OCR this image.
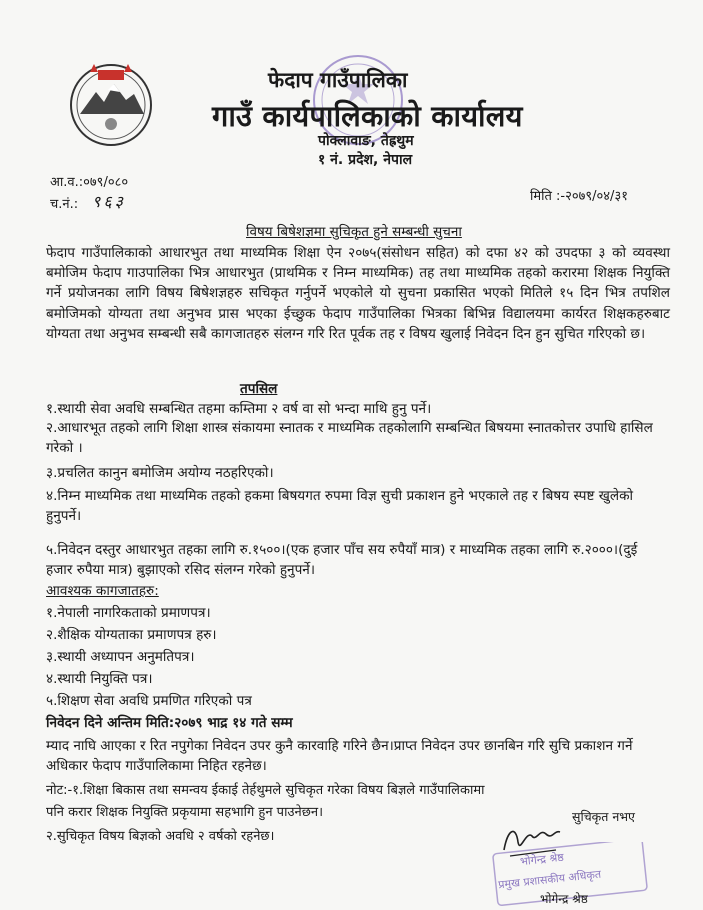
फेदाप गाउँपालिका
गाउँ कार्यपालिकाको कार्यालय
पोक्लावाङ, तेह्रथुम
१ नं. प्रदेश, नेपाल
आ.व.:०७९/०८०
च.नं.: ९६३	मिति :-२०७९/०४/३१
विषय बिषेशज्ञमा सुचिकृत हुने सम्बन्धी सुचना
फेदाप गाउँपालिकाको आधारभुत तथा माध्यमिक शिक्षा ऐन २०७५(संसोधन सहित) को दफा ४२ को उपदफा ३ को व्यवस्था बमोजिम फेदाप गाउपालिका भित्र आधारभुत (प्राथमिक र निम्न माध्यमिक) तह तथा माध्यमिक तहको करारमा शिक्षक नियुक्ति गर्ने प्रयोजनका लागि विषय बिषेशज्ञहरु सचिकृत गर्नुपर्ने भएकोले यो सुचना प्रकासित भएको मितिले १५ दिन भित्र तपशिल बमोजिमको योग्यता तथा अनुभव प्रास भएका ईच्छुक फेदाप गाउँपालिका भित्रका बिभिन्न विद्यालयमा कार्यरत शिक्षकहरुबाट योग्यता तथा अनुभव सम्बन्धी सबै कागजातहरु संलग्न गरि रित पूर्वक तह र विषय खुलाई निवेदन दिन हुन सुचित गरिएको छ।
तपसिल
१.स्थायी सेवा अवधि सम्बन्धित तहमा कम्तिमा २ वर्ष वा सो भन्दा माथि हुनु पर्ने।
२.आधारभूत तहको लागि शिक्षा शास्त्र संकायमा स्नातक र माध्यमिक तहकोलागि सम्बन्धित बिषयमा स्नातकोत्तर उपाधि हासिल गरेको ।
३.प्रचलित कानुन बमोजिम अयोग्य नठहरिएको।
४.निम्न माध्यमिक तथा माध्यमिक तहको हकमा बिषयगत रुपमा विज्ञ सुची प्रकाशन हुने भएकाले तह र बिषय स्पष्ट खुलेको हुनुपर्ने।
५.निवेदन दस्तुर आधारभुत तहका लागि रु.१५००।(एक हजार पाँच सय रुपैयाँ मात्र) र माध्यमिक तहका लागि रु.२०००।(दुई हजार रुपैया मात्र) बुझाएको रसिद संलग्न गरेको हुनुपर्ने।
आवश्यक कागजातहरु:
१.नेपाली नागरिकताको प्रमाणपत्र।
२.शैक्षिक योग्यताका प्रमाणपत्र हरु।
३.स्थायी अध्यापन अनुमतिपत्र।
४.स्थायी नियुक्ति पत्र।
५.शिक्षण सेवा अवधि प्रमणित गरिएको पत्र
निवेदन दिने अन्तिम मिति:२०७९ भाद्र १४ गते सम्म
म्याद नाघि आएका र रित नपुगेका निवेदन उपर कुनै कारवाहि गरिने छैन।प्राप्त निवेदन उपर छानबिन गरि सुचि प्रकाशन गर्ने अधिकार फेदाप गाउँपालिकामा निहित रहनेछ।
नोट:-१.शिक्षा बिकास तथा समन्वय ईकाई तेर्हथुमले सुचिकृत गरेका विषय बिज्ञले गाउँपालिकामा
सुचिकृत नभए
पनि करार शिक्षक नियुक्ति प्रकृयामा सहभागि हुन पाउनेछन।
२.सुचिकृत विषय बिज्ञको अवधि २ वर्षको रहनेछ।
भोगेन्द्र श्रेष्ठ
प्रमुख प्रशासकीय अधिकृत
भोगेन्द्र श्रेष्ठ
